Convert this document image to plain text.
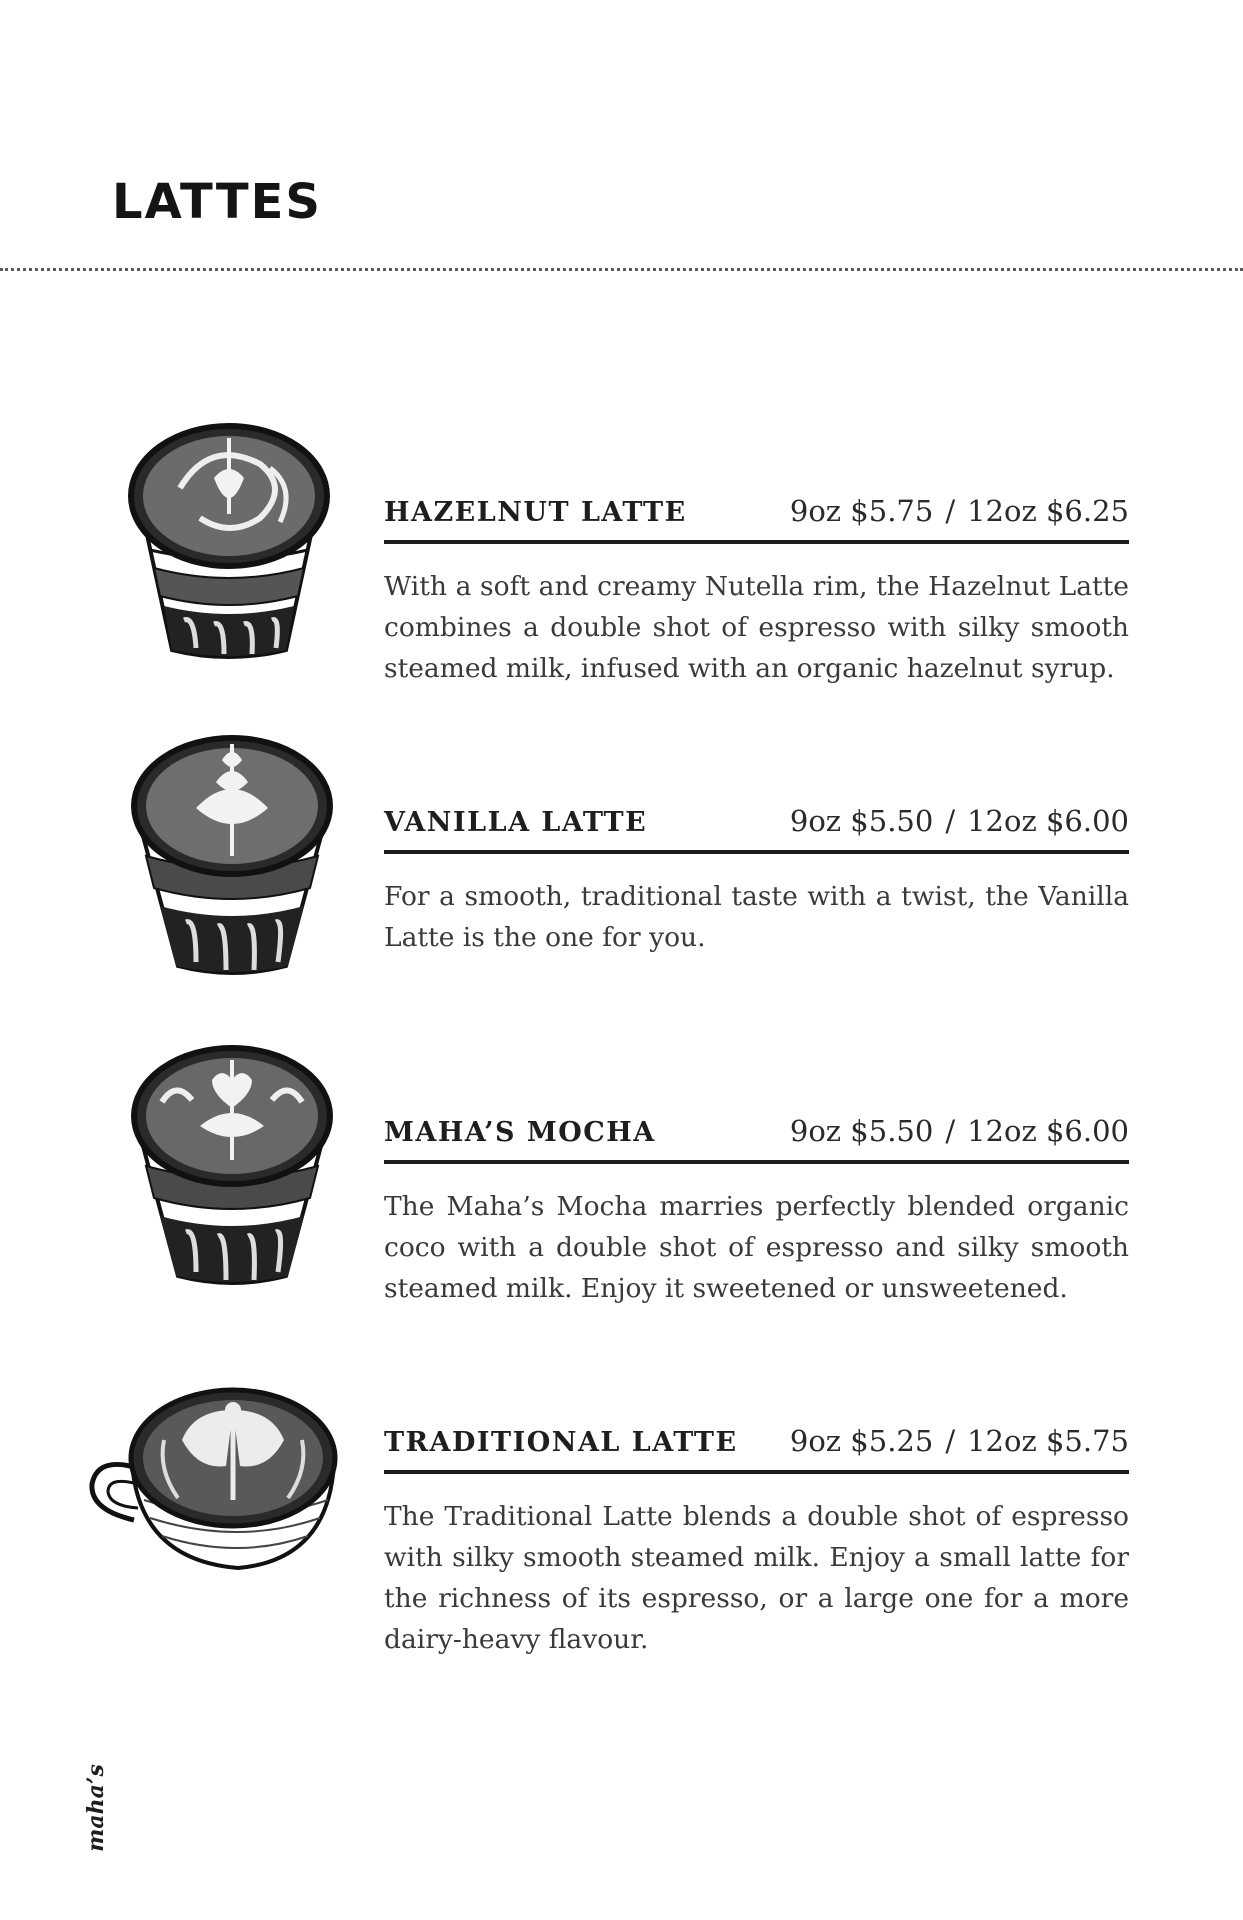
LATTES
HAZELNUT LATTE	9oz $5.75 / 12oz $6.25

With a soft and creamy Nutella rim, the Hazelnut Latte combines a double shot of espresso with silky smooth steamed milk, infused with an organic hazelnut syrup.

VANILLA LATTE	9oz $5.50 / 12oz $6.00

For a smooth, traditional taste with a twist, the Vanilla Latte is the one for you.

MAHA’S MOCHA	9oz $5.50 / 12oz $6.00

The Maha’s Mocha marries perfectly blended organic coco with a double shot of espresso and silky smooth steamed milk. Enjoy it sweetened or unsweetened.

TRADITIONAL LATTE 9oz $5.25 / 12oz $5.75

The Traditional Latte blends a double shot of espresso with silky smooth steamed milk. Enjoy a small latte for the richness of its espresso, or a large one for a more dairy-heavy flavour.

maha’s
